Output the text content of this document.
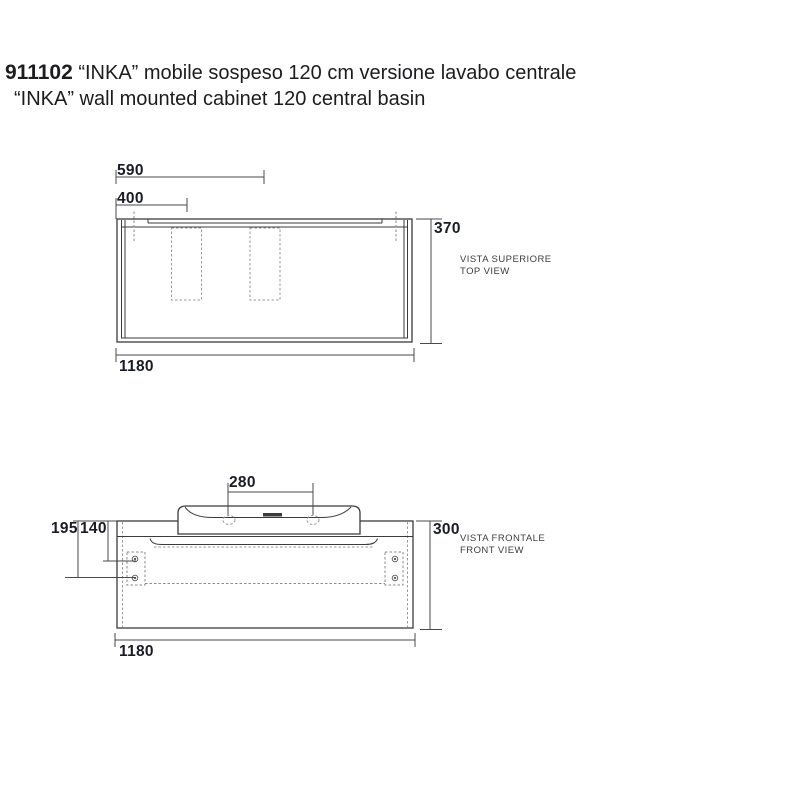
911102 “INKA” mobile sospeso 120 cm versione lavabo centrale
“INKA” wall mounted cabinet 120 central basin
590
400
370
1180
VISTA SUPERIORE
TOP VIEW
280
195 140	300
1180
VISTA FRONTALE
FRONT VIEW
